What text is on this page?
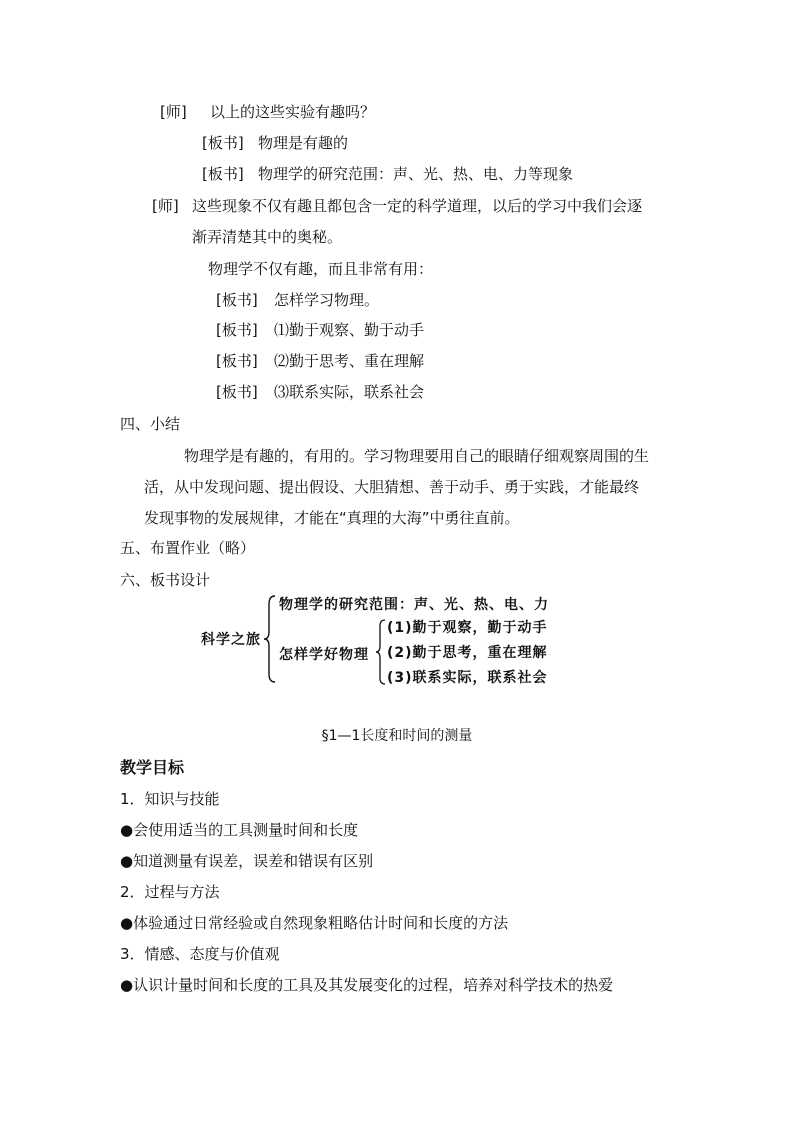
[师] 以上的这些实验有趣吗？
[板书] 物理是有趣的
[板书] 物理学的研究范围：声、光、热、电、力等现象
[师] 这些现象不仅有趣且都包含一定的科学道理，以后的学习中我们会逐
渐弄清楚其中的奥秘。
物理学不仅有趣，而且非常有用：
[板书] 怎样学习物理。
[板书] ⑴勤于观察、勤于动手
[板书] ⑵勤于思考、重在理解
[板书] ⑶联系实际，联系社会
四、小结
物理学是有趣的，有用的。学习物理要用自己的眼睛仔细观察周围的生
活，从中发现问题、提出假设、大胆猜想、善于动手、勇于实践，才能最终
发现事物的发展规律，才能在“真理的大海”中勇往直前。
五、布置作业（略）
六、板书设计
科学之旅
物理学的研究范围：声、光、热、电、力
怎样学好物理
(1)勤于观察，勤于动手
(2)勤于思考，重在理解
(3)联系实际，联系社会
§1—1长度和时间的测量
教学目标
1．知识与技能
●会使用适当的工具测量时间和长度
●知道测量有误差，误差和错误有区别
2．过程与方法
●体验通过日常经验或自然现象粗略估计时间和长度的方法
3．情感、态度与价值观
●认识计量时间和长度的工具及其发展变化的过程，培养对科学技术的热爱
